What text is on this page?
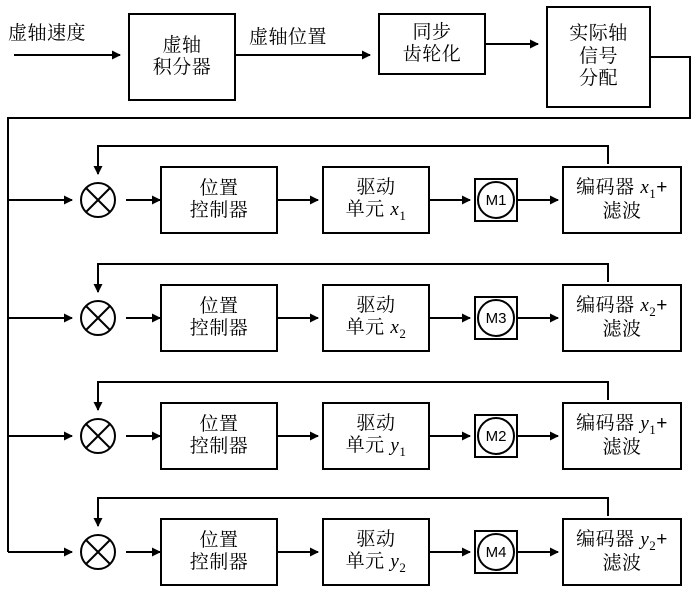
虚轴速度	虚轴位置
虚轴
积分器
同步
齿轮化
实际轴
信号
分配
位置
控制器
驱动
单元 $x_1$
M1
编码器 $x_1+$
滤波
位置
控制器
驱动
单元 $x_2$
M3
编码器 $x_2+$
滤波
位置
控制器
驱动
单元 $y_1$
M2
编码器 $y_1+$
滤波
位置
控制器
驱动
单元 $y_2$
M4
编码器 $y_2+$
滤波
